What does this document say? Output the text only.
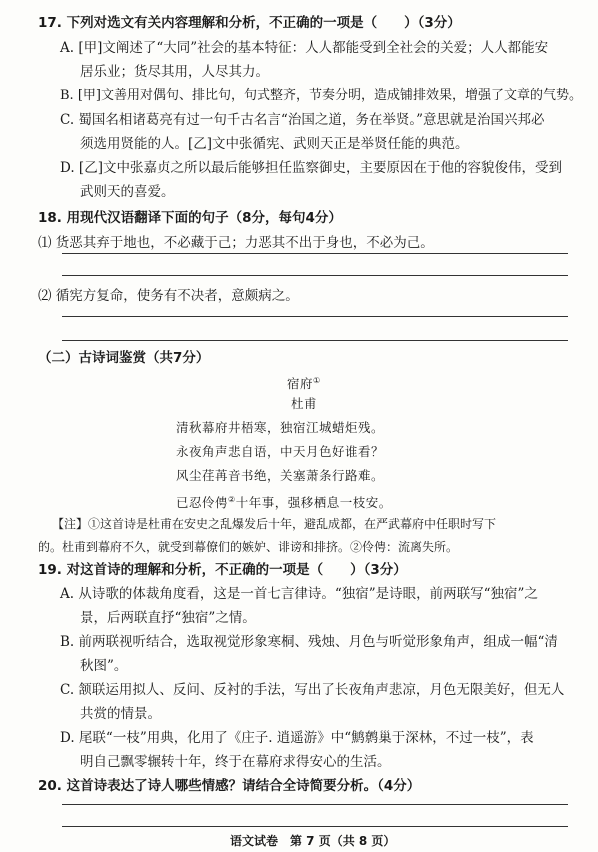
17. 下列对选文有关内容理解和分析，不正确的一项是（　　）（3分）
A. [甲]文阐述了“大同”社会的基本特征：人人都能受到全社会的关爱；人人都能安
居乐业；货尽其用，人尽其力。
B. [甲]文善用对偶句、排比句，句式整齐，节奏分明，造成铺排效果，增强了文章的气势。
C. 蜀国名相诸葛亮有过一句千古名言“治国之道，务在举贤。”意思就是治国兴邦必
须选用贤能的人。[乙]文中张循宪、武则天正是举贤任能的典范。
D. [乙]文中张嘉贞之所以最后能够担任监察御史，主要原因在于他的容貌俊伟，受到
武则天的喜爱。
18. 用现代汉语翻译下面的句子（8分，每句4分）
⑴ 货恶其弃于地也，不必藏于己；力恶其不出于身也，不必为己。
⑵ 循宪方复命，使务有不决者，意颇病之。
（二）古诗词鉴赏（共7分）
宿府①
杜甫
清秋幕府井梧寒，独宿江城蜡炬残。
永夜角声悲自语，中天月色好谁看？
风尘荏苒音书绝，关塞萧条行路难。
已忍伶俜②十年事，强移栖息一枝安。
【注】①这首诗是杜甫在安史之乱爆发后十年，避乱成都，在严武幕府中任职时写下
的。杜甫到幕府不久，就受到幕僚们的嫉妒、诽谤和排挤。②伶俜：流离失所。
19. 对这首诗的理解和分析，不正确的一项是（　　）（3分）
A. 从诗歌的体裁角度看，这是一首七言律诗。“独宿”是诗眼，前两联写“独宿”之
景，后两联直抒“独宿”之情。
B. 前两联视听结合，选取视觉形象寒桐、残烛、月色与听觉形象角声，组成一幅“清
秋图”。
C. 颔联运用拟人、反问、反衬的手法，写出了长夜角声悲凉，月色无限美好，但无人
共赏的情景。
D. 尾联“一枝”用典，化用了《庄子. 逍遥游》中“鹪鹩巢于深林，不过一枝”，表
明自己飘零辗转十年，终于在幕府求得安心的生活。
20. 这首诗表达了诗人哪些情感？请结合全诗简要分析。（4分）
语文试卷　第 7 页（共 8 页）
